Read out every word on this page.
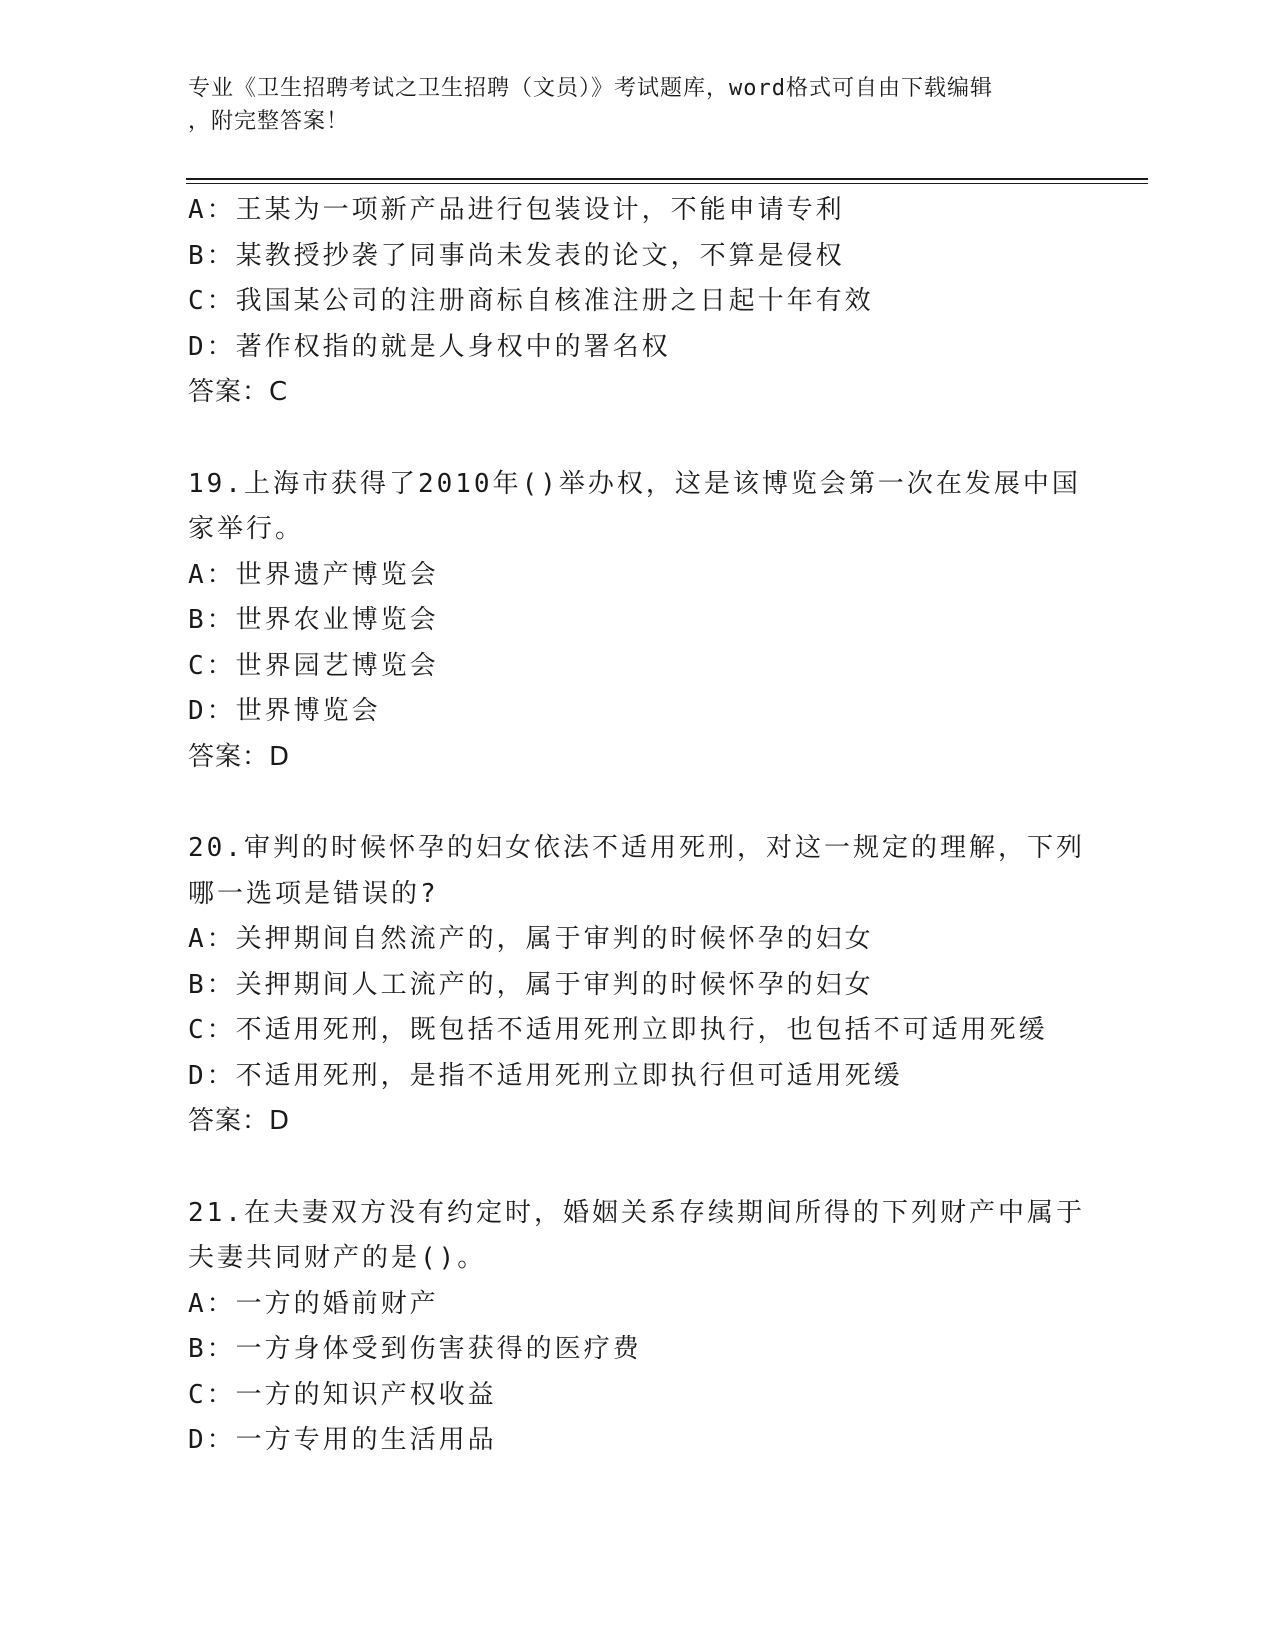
专业《卫生招聘考试之卫生招聘（文员）》考试题库，word格式可自由下载编辑
，附完整答案！
A：王某为一项新产品进行包装设计，不能申请专利
B：某教授抄袭了同事尚未发表的论文，不算是侵权
C：我国某公司的注册商标自核准注册之日起十年有效
D：著作权指的就是人身权中的署名权
答案：C
19.上海市获得了2010年()举办权，这是该博览会第一次在发展中国
家举行。
A：世界遗产博览会
B：世界农业博览会
C：世界园艺博览会
D：世界博览会
答案：D
20.审判的时候怀孕的妇女依法不适用死刑，对这一规定的理解，下列
哪一选项是错误的?
A：关押期间自然流产的，属于审判的时候怀孕的妇女
B：关押期间人工流产的，属于审判的时候怀孕的妇女
C：不适用死刑，既包括不适用死刑立即执行，也包括不可适用死缓
D：不适用死刑，是指不适用死刑立即执行但可适用死缓
答案：D
21.在夫妻双方没有约定时，婚姻关系存续期间所得的下列财产中属于
夫妻共同财产的是()。
A：一方的婚前财产
B：一方身体受到伤害获得的医疗费
C：一方的知识产权收益
D：一方专用的生活用品
